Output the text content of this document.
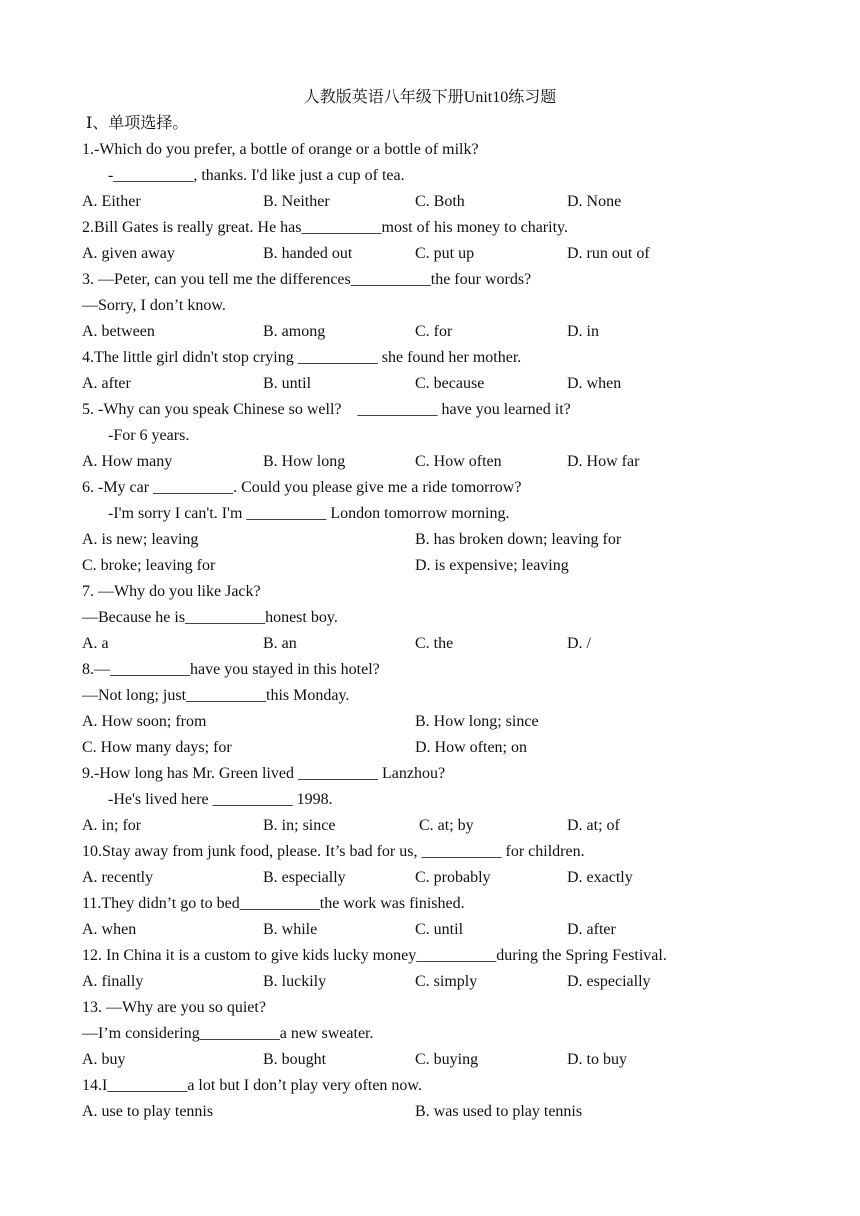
人教版英语八年级下册Unit10练习题
Ⅰ、单项选择。
1.-Which do you prefer, a bottle of orange or a bottle of milk?
-__________, thanks. I'd like just a cup of tea.
A. Either	B. Neither	C. Both	D. None
2.Bill Gates is really great. He has__________most of his money to charity.
A. given away	B. handed out	C. put up	D. run out of
3. —Peter, can you tell me the differences__________the four words?
—Sorry, I don’t know.
A. between	B. among	C. for	D. in
4.The little girl didn't stop crying __________ she found her mother.
A. after	B. until	C. because	D. when
5. -Why can you speak Chinese so well?    __________ have you learned it?
-For 6 years.
A. How many	B. How long	C. How often	D. How far
6. -My car __________. Could you please give me a ride tomorrow?
-I'm sorry I can't. I'm __________ London tomorrow morning.
A. is new; leaving	B. has broken down; leaving for
C. broke; leaving for	D. is expensive; leaving
7. —Why do you like Jack?
—Because he is__________honest boy.
A. a	B. an	C. the	D. /
8.—__________have you stayed in this hotel?
—Not long; just__________this Monday.
A. How soon; from	B. How long; since
C. How many days; for	D. How often; on
9.-How long has Mr. Green lived __________ Lanzhou?
-He's lived here __________ 1998.
A. in; for	B. in; since	C. at; by	D. at; of
10.Stay away from junk food, please. It’s bad for us, __________ for children.
A. recently	B. especially	C. probably	D. exactly
11.They didn’t go to bed__________the work was finished.
A. when	B. while	C. until	D. after
12. In China it is a custom to give kids lucky money__________during the Spring Festival.
A. finally	B. luckily	C. simply	D. especially
13. —Why are you so quiet?
—I’m considering__________a new sweater.
A. buy	B. bought	C. buying	D. to buy
14.I__________a lot but I don’t play very often now.
A. use to play tennis	B. was used to play tennis
